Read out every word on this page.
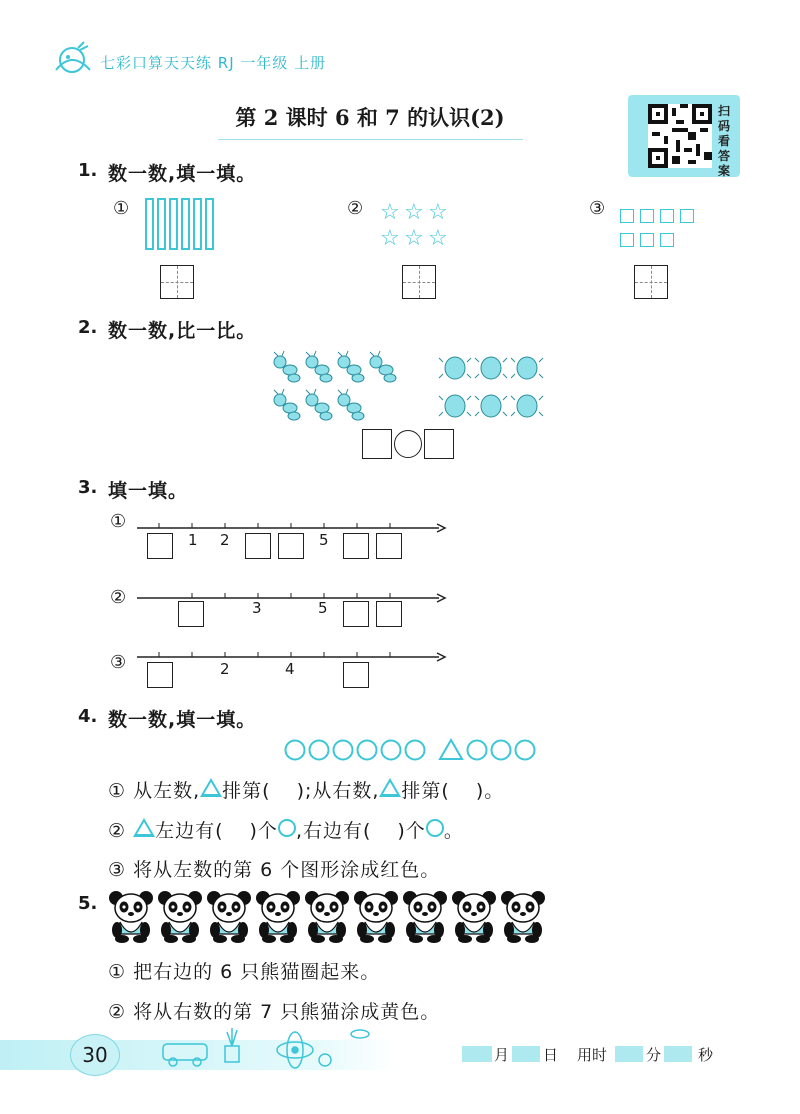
七彩口算天天练 RJ 一年级 上册
第 2 课时 6 和 7 的认识(2)	扫码看答案
1. 数一数,填一填。
①	② ☆ ☆ ☆
☆ ☆ ☆
③
2. 数一数,比一比。
3. 填一填。
①
1 2	5
②	3	5
③	2	4
4. 数一数,填一填。
① 从左数, 排第( );从右数, 排第( )。
② 左边有( )个 ,右边有( )个 。
③ 将从左数的第 6 个图形涂成红色。
5.
① 把右边的 6 只熊猫圈起来。
② 将从右数的第 7 只熊猫涂成黄色。
30	月 日 用时	分 秒
